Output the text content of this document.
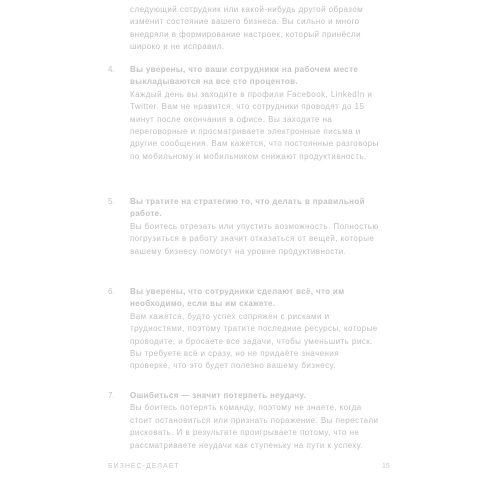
следующий сотрудник или какой-нибудь другой образом изменит состояние вашего бизнеса. Вы сильно и много внедряли в формирование настроек, который принёсли широко и не исправил.

4. Вы уверены, что ваши сотрудники на рабочем месте выкладываются на все сто процентов.
Каждый день вы заходите в профили Facebook, LinkedIn и Twitter. Вам не нравится, что сотрудники проводят до 15 минут после окончания в офисе. Вы заходите на переговорные и просматриваете электронные письма и другие сообщения. Вам кажется, что постоянные разговоры по мобильному и мобильником снижают продуктивность.
5. Вы тратите на стратегию то, что делать в правильной работе.
Вы боитесь отрезать или упустить возможность. Полностью погрузиться в работу значит отказаться от вещей, которые вашему бизнесу помогут на уровне продуктивности.
6. Вы уверены, что сотрудники сделают всё, что им необходимо, если вы им скажете.
Вам кажется, будто успех сопряжен с рисками и трудностями, поэтому тратите последние ресурсы, которые проводите, и бросаете все задачи, чтобы уменьшить риск. Вы требуете всё и сразу, но не придаёте значения проверке, что это будет полезно вашему бизнесу.
7. Ошибиться — значит потерпеть неудачу.
Вы боитесь потерять команду, поэтому не знаете, когда стоит остановиться или признать поражение. Вы перестали рисковать. И в результате проигрываете потому, что не рассматриваете неудачи как ступеньку на пути к успеху.
БИЗНЕС-ДЕЛАЕТ	15
